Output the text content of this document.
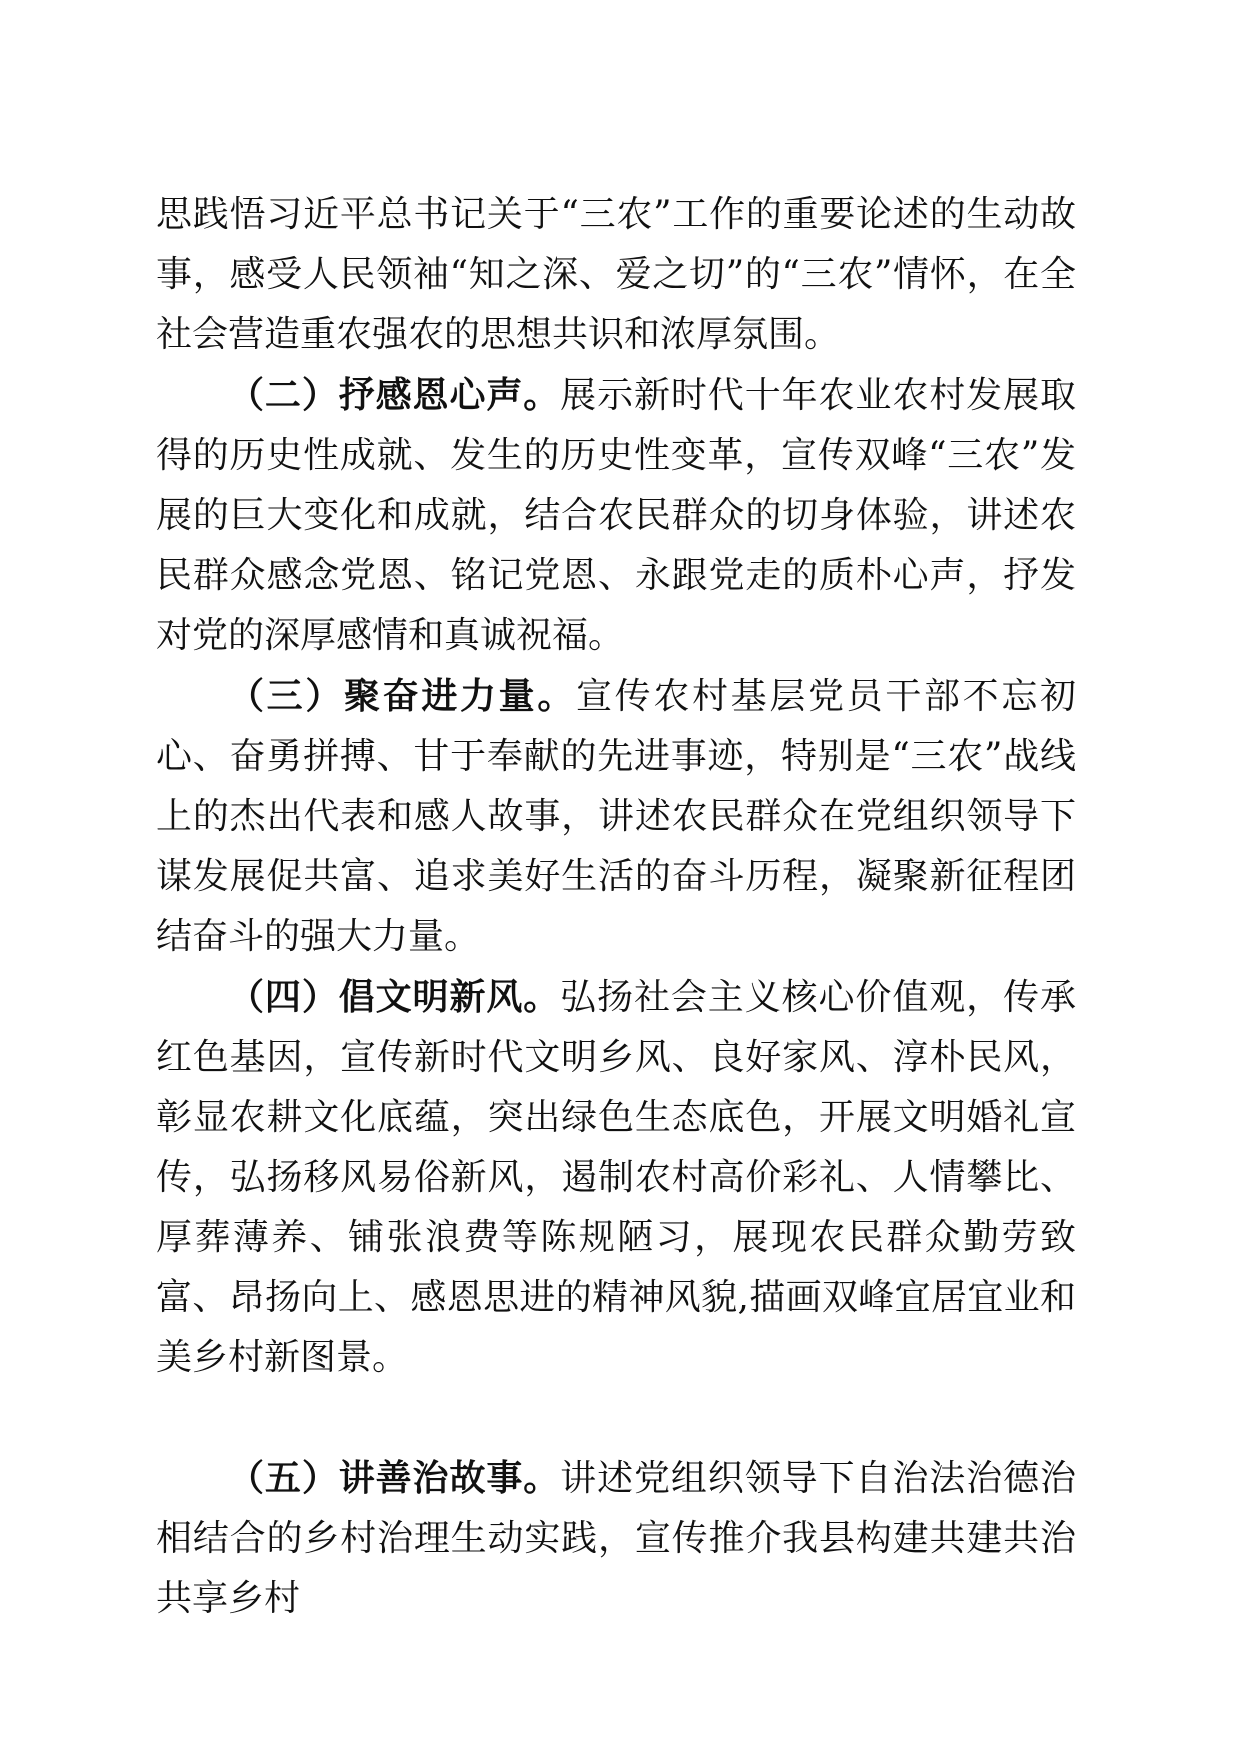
思践悟习近平总书记关于“三农”工作的重要论述的生动故事，感受人民领袖“知之深、爱之切”的“三农”情怀，在全社会营造重农强农的思想共识和浓厚氛围。

（二）抒感恩心声。展示新时代十年农业农村发展取得的历史性成就、发生的历史性变革，宣传双峰“三农”发展的巨大变化和成就，结合农民群众的切身体验，讲述农民群众感念党恩、铭记党恩、永跟党走的质朴心声，抒发对党的深厚感情和真诚祝福。

（三）聚奋进力量。宣传农村基层党员干部不忘初心、奋勇拼搏、甘于奉献的先进事迹，特别是“三农”战线上的杰出代表和感人故事，讲述农民群众在党组织领导下谋发展促共富、追求美好生活的奋斗历程，凝聚新征程团结奋斗的强大力量。

（四）倡文明新风。弘扬社会主义核心价值观，传承红色基因，宣传新时代文明乡风、良好家风、淳朴民风，彰显农耕文化底蕴，突出绿色生态底色，开展文明婚礼宣传，弘扬移风易俗新风，遏制农村高价彩礼、人情攀比、厚葬薄养、铺张浪费等陈规陋习，展现农民群众勤劳致富、昂扬向上、感恩思进的精神风貌,描画双峰宜居宜业和美乡村新图景。

（五）讲善治故事。讲述党组织领导下自治法治德治相结合的乡村治理生动实践，宣传推介我县构建共建共治共享乡村
